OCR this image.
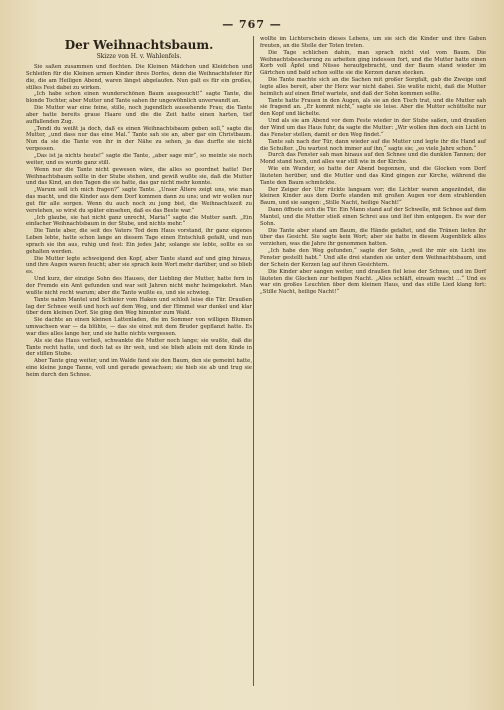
— 767 —
Der Weihnachtsbaum.
Skizze von H. v. Wahlenfels.

Sie saßen zusammen und flochten. Die Kleinen Mädchen und Kleidchen und Schleifen für die Kleinen armen Kinder ihres Dorfes, denn die Weihnachtsfeier für die, die am Heiligen Abend, waren längst abgelaufen. Nun galt es für ein großes, stilles Fest dabei zu wirken.

„Ich habe schon einen wunderschönen Baum ausgesucht!“ sagte Tante, die blonde Tochter, aber Mutter und Tante sahen ihr ungewöhnlich unverwandt an.

Die Mutter war eine feine, stille, noch jugendlich aussehende Frau; die Tante aber hatte bereits graue Haare und die die Zeit hatte einen harten, tief auffallenden Zug.

„Tendi du weißt ja doch, daß es einen Weihnachtsbaum geben soll,“ sagte die Mutter, „und dass nur das eine Mal.“ Tante sah sie an, aber gar ein Christbaum. Nun da sie die Tante von ihr in der Nähe zu sehen, ja das durfte sie nicht vergessen.

„Das ist ja nichts heute!“ sagte die Tante, „aber sage mir“, so meinte sie noch weiter, und es wurde ganz still.

Wenn nur die Tante nicht gewesen wäre, die alles so geordnet hatte! Der Weihnachtsbaum sollte in der Stube stehen, und gewiß wußte sie, daß die Mutter und das Kind, an den Tagen die sie hatte, das gar nicht mehr konnte.

„Warum soll ich mich fragen?“ sagte Tante. „Unser Ältere zeigt uns, wie man das macht, und die Kinder aus dem Dorf kommen dann zu uns; und wir wollen nur gut für alle sorgen. Wenn du auch noch zu jung bist, die Weihnachtszeit zu verstehen, so wirst du später einsehen, daß es das Beste war.“

„Ich glaube, sie hat nicht ganz unrecht, Maria!“ sagte die Mutter sanft. „Ein einfacher Weihnachtsbaum in der Stube, und nichts mehr.“

Die Tante aber, die seit des Vaters Tod dem Haus vorstand, ihr ganz eigenes Leben lebte, hatte schon lange an diesem Tage einen Entschluß gefaßt, und nun sprach sie ihn aus, ruhig und fest: Ein jedes Jahr, solange sie lebte, sollte es so gehalten werden.

Die Mutter legte schweigend den Kopf, aber Tante stand auf und ging hinaus, und ihre Augen waren feucht; aber sie sprach kein Wort mehr darüber, und so blieb es.

Und kurz, der einzige Sohn des Hauses, der Liebling der Mutter, hatte fern in der Fremde ein Amt gefunden und war seit Jahren nicht mehr heimgekehrt. Man wußte nicht recht warum; aber die Tante wußte es, und sie schwieg.

Tante nahm Mantel und Schleier vom Haken und schloß leise die Tür. Draußen lag der Schnee weiß und hoch auf dem Weg, und der Himmel war dunkel und klar über dem kleinen Dorf. Sie ging den Weg hinunter zum Wald.

Sie dachte an einen kleinen Lattenladen, die im Sommer von willigen Blumen umwachsen war — da blühte, — das sie einst mit dem Bruder gepflanzt hatte. Es war dies alles lange her, und sie hatte nichts vergessen.

Als sie das Haus verließ, schwankte die Mutter noch lange; sie wußte, daß die Tante recht hatte, und doch tat es ihr weh, und sie blieb allein mit dem Kinde in der stillen Stube.

Aber Tante ging weiter, und im Walde fand sie den Baum, den sie gemeint hatte, eine kleine junge Tanne, voll und gerade gewachsen; sie hieb sie ab und trug sie heim durch den Schnee.

wollte im Lichterschein dieses Lebens, um sie sich die Kinder und ihre Gaben freuten, an die Stelle der Toten treten.

Die Tage schlichen dahin, man sprach nicht viel vom Baum. Die Weihnachtsbescherung zu arbeiten ging indessen fort, und die Mutter hatte einen Korb voll Äpfel und Nüsse heraufgebracht, und der Baum stand wieder im Gärtchen und bald schon sollte sie die Kerzen daran stecken.

Die Tante machte sich an die Sachen mit großer Sorgfalt, gab die Zweige und legte alles bereit, aber ihr Herz war nicht dabei. Sie wußte nicht, daß die Mutter heimlich auf einen Brief wartete, und daß der Sohn kommen sollte.

Tante hatte Frauen in den Augen, als sie an den Tisch trat, und die Mutter sah sie fragend an. „Er kommt nicht,“ sagte sie leise. Aber die Mutter schüttelte nur den Kopf und lächelte.

Und als sie am Abend vor dem Feste wieder in der Stube saßen, und draußen der Wind um das Haus fuhr, da sagte die Mutter: „Wir wollen ihm doch ein Licht in das Fenster stellen, damit er den Weg findet.“

Tante sah nach der Tür, dann wieder auf die Mutter und legte ihr die Hand auf die Schulter. „Du wartest noch immer auf ihn,“ sagte sie; „so viele Jahre schon.“

Durch das Fenster sah man hinaus auf den Schnee und die dunklen Tannen; der Mond stand hoch, und alles war still wie in der Kirche.

Wie ein Wunder, so hatte der Abend begonnen, und die Glocken vom Dorf läuteten herüber, und die Mutter und das Kind gingen zur Kirche, während die Tante den Baum schmückte.

Der Zeiger der Uhr rückte langsam vor; die Lichter waren angezündet, die kleinen Kinder aus dem Dorfe standen mit großen Augen vor dem strahlenden Baum, und sie sangen: „Stille Nacht, heilige Nacht!“

Dann öffnete sich die Tür. Ein Mann stand auf der Schwelle, mit Schnee auf dem Mantel, und die Mutter stieß einen Schrei aus und lief ihm entgegen. Es war der Sohn.

Die Tante aber stand am Baum, die Hände gefaltet, und die Tränen liefen ihr über das Gesicht. Sie sagte kein Wort; aber sie hatte in diesem Augenblick alles verziehen, was die Jahre ihr genommen hatten.

„Ich habe den Weg gefunden,“ sagte der Sohn, „weil ihr mir ein Licht ins Fenster gestellt habt.“ Und alle drei standen sie unter dem Weihnachtsbaum, und der Schein der Kerzen lag auf ihren Gesichtern.

Die Kinder aber sangen weiter, und draußen fiel leise der Schnee, und im Dorf läuteten die Glocken zur heiligen Nacht. „Alles schläft, einsam wacht ...“ Und es war ein großes Leuchten über dem kleinen Haus, und das stille Lied klang fort: „Stille Nacht, heilige Nacht!“
